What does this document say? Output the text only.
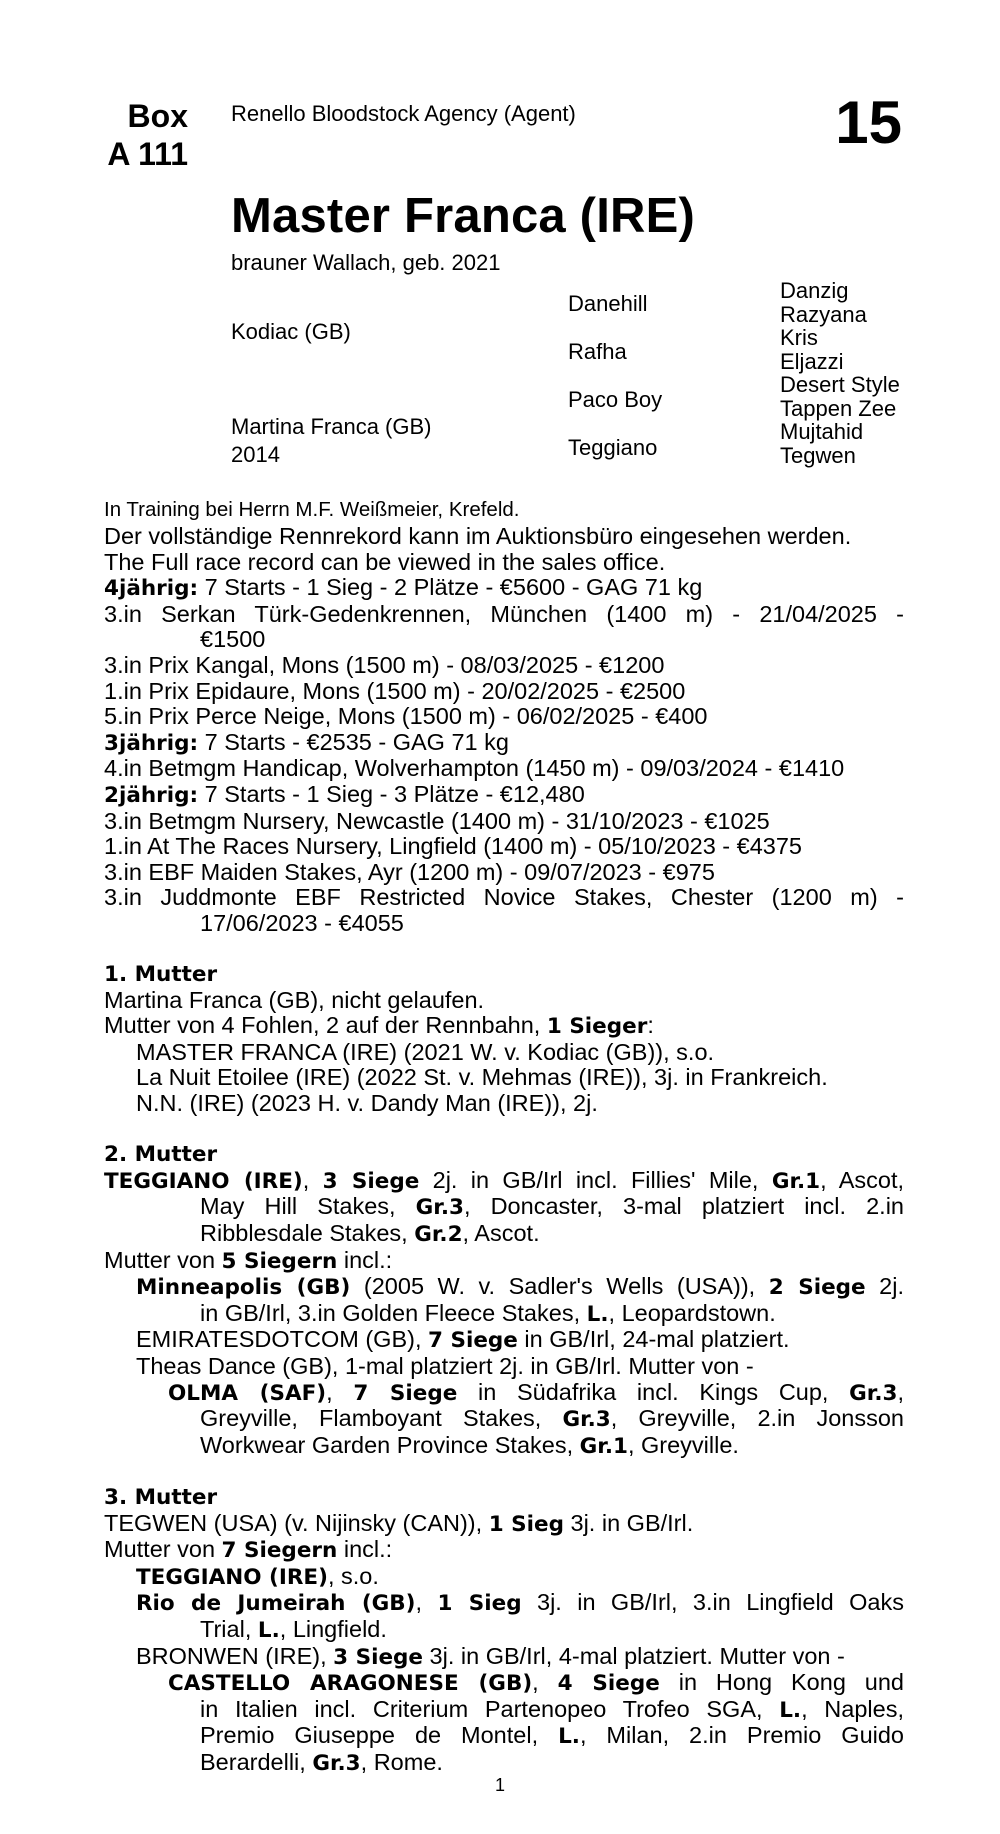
Box
A 111
Renello Bloodstock Agency (Agent)	15
Master Franca (IRE)
brauner Wallach, geb. 2021
Kodiac (GB)
Martina Franca (GB)
2014
Danehill
Rafha
Paco Boy
Teggiano
Danzig
Razyana
Kris
Eljazzi
Desert Style
Tappen Zee
Mujtahid
Tegwen
In Training bei Herrn M.F. Weißmeier, Krefeld.
Der vollständige Rennrekord kann im Auktionsbüro eingesehen werden.
The Full race record can be viewed in the sales office.
4jährig: 7 Starts - 1 Sieg - 2 Plätze - €5600 - GAG 71 kg
3.in Serkan Türk-Gedenkrennen, München (1400 m) - 21/04/2025 -
€1500
3.in Prix Kangal, Mons (1500 m) - 08/03/2025 - €1200
1.in Prix Epidaure, Mons (1500 m) - 20/02/2025 - €2500
5.in Prix Perce Neige, Mons (1500 m) - 06/02/2025 - €400
3jährig: 7 Starts - €2535 - GAG 71 kg
4.in Betmgm Handicap, Wolverhampton (1450 m) - 09/03/2024 - €1410
2jährig: 7 Starts - 1 Sieg - 3 Plätze - €12,480
3.in Betmgm Nursery, Newcastle (1400 m) - 31/10/2023 - €1025
1.in At The Races Nursery, Lingfield (1400 m) - 05/10/2023 - €4375
3.in EBF Maiden Stakes, Ayr (1200 m) - 09/07/2023 - €975
3.in Juddmonte EBF Restricted Novice Stakes, Chester (1200 m) -
17/06/2023 - €4055
1. Mutter
Martina Franca (GB), nicht gelaufen.
Mutter von 4 Fohlen, 2 auf der Rennbahn, 1 Sieger:
MASTER FRANCA (IRE) (2021 W. v. Kodiac (GB)), s.o.
La Nuit Etoilee (IRE) (2022 St. v. Mehmas (IRE)), 3j. in Frankreich.
N.N. (IRE) (2023 H. v. Dandy Man (IRE)), 2j.
2. Mutter
TEGGIANO (IRE), 3 Siege 2j. in GB/Irl incl. Fillies' Mile, Gr.1, Ascot,
May Hill Stakes, Gr.3, Doncaster, 3-mal platziert incl. 2.in
Ribblesdale Stakes, Gr.2, Ascot.
Mutter von 5 Siegern incl.:
Minneapolis (GB) (2005 W. v. Sadler's Wells (USA)), 2 Siege 2j.
in GB/Irl, 3.in Golden Fleece Stakes, L., Leopardstown.
EMIRATESDOTCOM (GB), 7 Siege in GB/Irl, 24-mal platziert.
Theas Dance (GB), 1-mal platziert 2j. in GB/Irl. Mutter von -
OLMA (SAF), 7 Siege in Südafrika incl. Kings Cup, Gr.3,
Greyville, Flamboyant Stakes, Gr.3, Greyville, 2.in Jonsson
Workwear Garden Province Stakes, Gr.1, Greyville.
3. Mutter
TEGWEN (USA) (v. Nijinsky (CAN)), 1 Sieg 3j. in GB/Irl.
Mutter von 7 Siegern incl.:
TEGGIANO (IRE), s.o.
Rio de Jumeirah (GB), 1 Sieg 3j. in GB/Irl, 3.in Lingfield Oaks
Trial, L., Lingfield.
BRONWEN (IRE), 3 Siege 3j. in GB/Irl, 4-mal platziert. Mutter von -
CASTELLO ARAGONESE (GB), 4 Siege in Hong Kong und
in Italien incl. Criterium Partenopeo Trofeo SGA, L., Naples,
Premio Giuseppe de Montel, L., Milan, 2.in Premio Guido
Berardelli, Gr.3, Rome.
1
